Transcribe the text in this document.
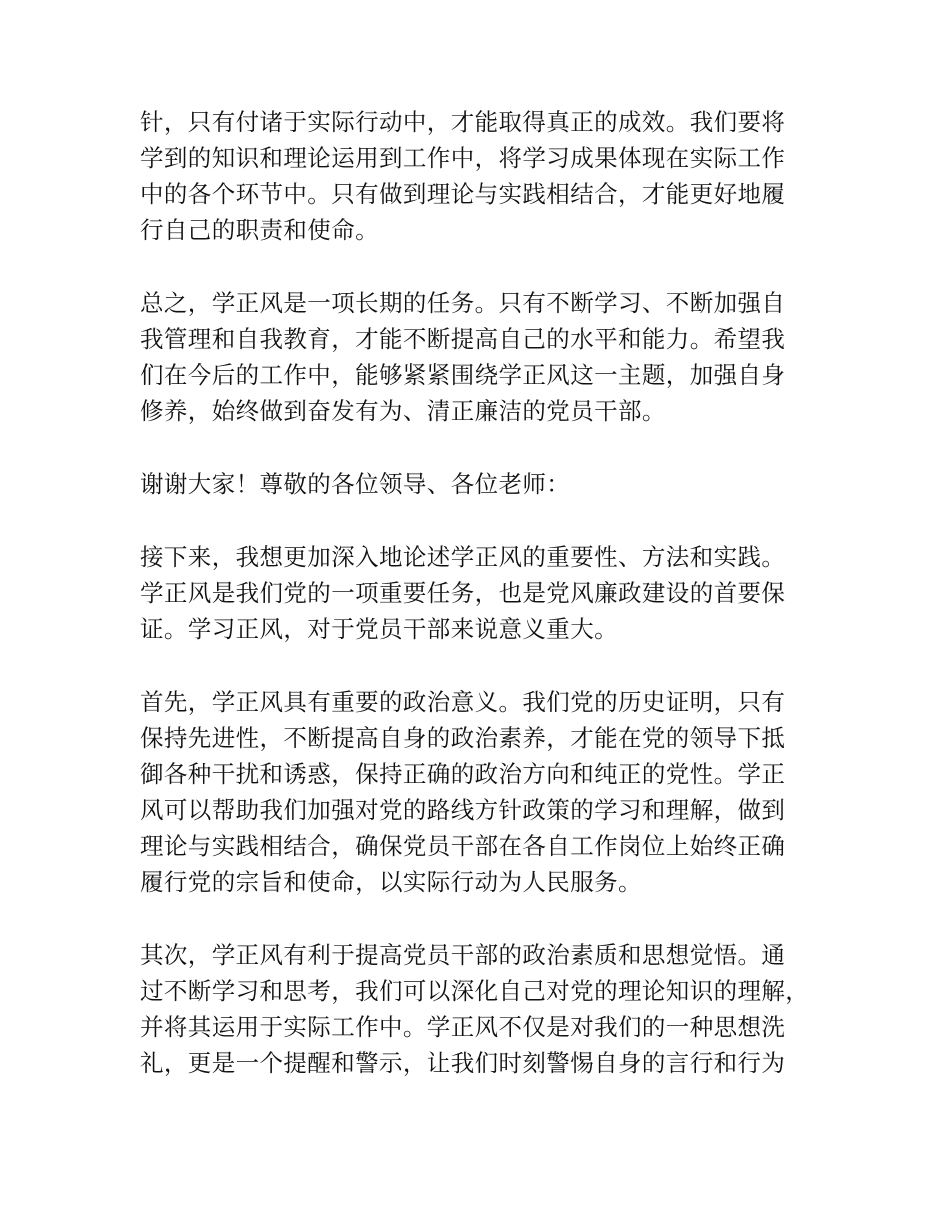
针，只有付诸于实际行动中，才能取得真正的成效。我们要将
学到的知识和理论运用到工作中，将学习成果体现在实际工作
中的各个环节中。只有做到理论与实践相结合，才能更好地履
行自己的职责和使命。
总之，学正风是一项长期的任务。只有不断学习、不断加强自
我管理和自我教育，才能不断提高自己的水平和能力。希望我
们在今后的工作中，能够紧紧围绕学正风这一主题，加强自身
修养，始终做到奋发有为、清正廉洁的党员干部。
谢谢大家！尊敬的各位领导、各位老师：
接下来，我想更加深入地论述学正风的重要性、方法和实践。
学正风是我们党的一项重要任务，也是党风廉政建设的首要保
证。学习正风，对于党员干部来说意义重大。
首先，学正风具有重要的政治意义。我们党的历史证明，只有
保持先进性，不断提高自身的政治素养，才能在党的领导下抵
御各种干扰和诱惑，保持正确的政治方向和纯正的党性。学正
风可以帮助我们加强对党的路线方针政策的学习和理解，做到
理论与实践相结合，确保党员干部在各自工作岗位上始终正确
履行党的宗旨和使命，以实际行动为人民服务。
其次，学正风有利于提高党员干部的政治素质和思想觉悟。通
过不断学习和思考，我们可以深化自己对党的理论知识的理解，
并将其运用于实际工作中。学正风不仅是对我们的一种思想洗
礼，更是一个提醒和警示，让我们时刻警惕自身的言行和行为
